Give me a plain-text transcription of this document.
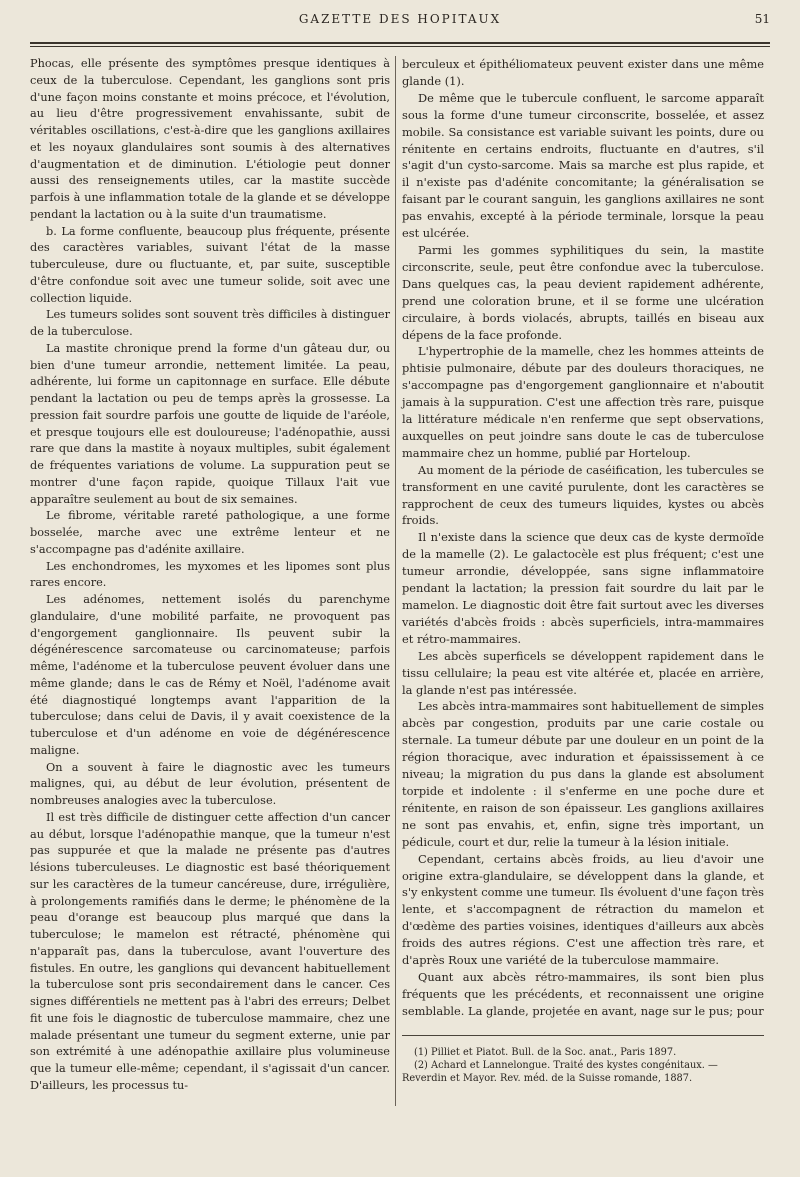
GAZETTE DES HOPITAUX	51

Phocas, elle présente des symptômes presque identiques à ceux de la tuberculose. Cependant, les ganglions sont pris d'une façon moins constante et moins précoce, et l'évolution, au lieu d'être progressivement envahissante, subit de véritables oscillations, c'est-à-dire que les ganglions axillaires et les noyaux glandulaires sont soumis à des alternatives d'augmentation et de diminution. L'étiologie peut donner aussi des renseignements utiles, car la mastite succède parfois à une inflammation totale de la glande et se développe pendant la lactation ou à la suite d'un traumatisme.

b. La forme confluente, beaucoup plus fréquente, présente des caractères variables, suivant l'état de la masse tuberculeuse, dure ou fluctuante, et, par suite, susceptible d'être confondue soit avec une tumeur solide, soit avec une collection liquide.

Les tumeurs solides sont souvent très difficiles à distinguer de la tuberculose.

La mastite chronique prend la forme d'un gâteau dur, ou bien d'une tumeur arrondie, nettement limitée. La peau, adhérente, lui forme un capitonnage en surface. Elle débute pendant la lactation ou peu de temps après la grossesse. La pression fait sourdre parfois une goutte de liquide de l'aréole, et presque toujours elle est douloureuse; l'adénopathie, aussi rare que dans la mastite à noyaux multiples, subit également de fréquentes variations de volume. La suppuration peut se montrer d'une façon rapide, quoique Tillaux l'ait vue apparaître seulement au bout de six semaines.

Le fibrome, véritable rareté pathologique, a une forme bosselée, marche avec une extrême lenteur et ne s'accompagne pas d'adénite axillaire.

Les enchondromes, les myxomes et les lipomes sont plus rares encore.

Les adénomes, nettement isolés du parenchyme glandulaire, d'une mobilité parfaite, ne provoquent pas d'engorgement ganglionnaire. Ils peuvent subir la dégénérescence sarcomateuse ou carcinomateuse; parfois même, l'adénome et la tuberculose peuvent évoluer dans une même glande; dans le cas de Rémy et Noël, l'adénome avait été diagnostiqué longtemps avant l'apparition de la tuberculose; dans celui de Davis, il y avait coexistence de la tuberculose et d'un adénome en voie de dégénérescence maligne.

On a souvent à faire le diagnostic avec les tumeurs malignes, qui, au début de leur évolution, présentent de nombreuses analogies avec la tuberculose.

Il est très difficile de distinguer cette affection d'un cancer au début, lorsque l'adénopathie manque, que la tumeur n'est pas suppurée et que la malade ne présente pas d'autres lésions tuberculeuses. Le diagnostic est basé théoriquement sur les caractères de la tumeur cancéreuse, dure, irrégulière, à prolongements ramifiés dans le derme; le phénomène de la peau d'orange est beaucoup plus marqué que dans la tuberculose; le mamelon est rétracté, phénomène qui n'apparaît pas, dans la tuberculose, avant l'ouverture des fistules. En outre, les ganglions qui devancent habituellement la tuberculose sont pris secondairement dans le cancer. Ces signes différentiels ne mettent pas à l'abri des erreurs; Delbet fit une fois le diagnostic de tuberculose mammaire, chez une malade présentant une tumeur du segment externe, unie par son extrémité à une adénopathie axillaire plus volumineuse que la tumeur elle-même; cependant, il s'agissait d'un cancer. D'ailleurs, les processus tu-

berculeux et épithéliomateux peuvent exister dans une même glande (1).

De même que le tubercule confluent, le sarcome apparaît sous la forme d'une tumeur circonscrite, bosselée, et assez mobile. Sa consistance est variable suivant les points, dure ou rénitente en certains endroits, fluctuante en d'autres, s'il s'agit d'un cysto-sarcome. Mais sa marche est plus rapide, et il n'existe pas d'adénite concomitante; la généralisation se faisant par le courant sanguin, les ganglions axillaires ne sont pas envahis, excepté à la période terminale, lorsque la peau est ulcérée.

Parmi les gommes syphilitiques du sein, la mastite circonscrite, seule, peut être confondue avec la tuberculose. Dans quelques cas, la peau devient rapidement adhérente, prend une coloration brune, et il se forme une ulcération circulaire, à bords violacés, abrupts, taillés en biseau aux dépens de la face profonde.

L'hypertrophie de la mamelle, chez les hommes atteints de phtisie pulmonaire, débute par des douleurs thoraciques, ne s'accompagne pas d'engorgement ganglionnaire et n'aboutit jamais à la suppuration. C'est une affection très rare, puisque la littérature médicale n'en renferme que sept observations, auxquelles on peut joindre sans doute le cas de tuberculose mammaire chez un homme, publié par Horteloup.

Au moment de la période de caséification, les tubercules se transforment en une cavité purulente, dont les caractères se rapprochent de ceux des tumeurs liquides, kystes ou abcès froids.

Il n'existe dans la science que deux cas de kyste dermoïde de la mamelle (2). Le galactocèle est plus fréquent; c'est une tumeur arrondie, développée, sans signe inflammatoire pendant la lactation; la pression fait sourdre du lait par le mamelon. Le diagnostic doit être fait surtout avec les diverses variétés d'abcès froids : abcès superficiels, intra-mammaires et rétro-mammaires.

Les abcès superficels se développent rapidement dans le tissu cellulaire; la peau est vite altérée et, placée en arrière, la glande n'est pas intéressée.

Les abcès intra-mammaires sont habituellement de simples abcès par congestion, produits par une carie costale ou sternale. La tumeur débute par une douleur en un point de la région thoracique, avec induration et épaississement à ce niveau; la migration du pus dans la glande est absolument torpide et indolente : il s'enferme en une poche dure et rénitente, en raison de son épaisseur. Les ganglions axillaires ne sont pas envahis, et, enfin, signe très important, un pédicule, court et dur, relie la tumeur à la lésion initiale.

Cependant, certains abcès froids, au lieu d'avoir une origine extra-glandulaire, se développent dans la glande, et s'y enkystent comme une tumeur. Ils évoluent d'une façon très lente, et s'accompagnent de rétraction du mamelon et d'œdème des parties voisines, identiques d'ailleurs aux abcès froids des autres régions. C'est une affection très rare, et d'après Roux une variété de la tuberculose mammaire.

Quant aux abcès rétro-mammaires, ils sont bien plus fréquents que les précédents, et reconnaissent une origine semblable. La glande, projetée en avant, nage sur le pus; pour

(1) Pilliet et Piatot. Bull. de la Soc. anat., Paris 1897.

(2) Achard et Lannelongue. Traité des kystes congénitaux. — Reverdin et Mayor. Rev. méd. de la Suisse romande, 1887.
